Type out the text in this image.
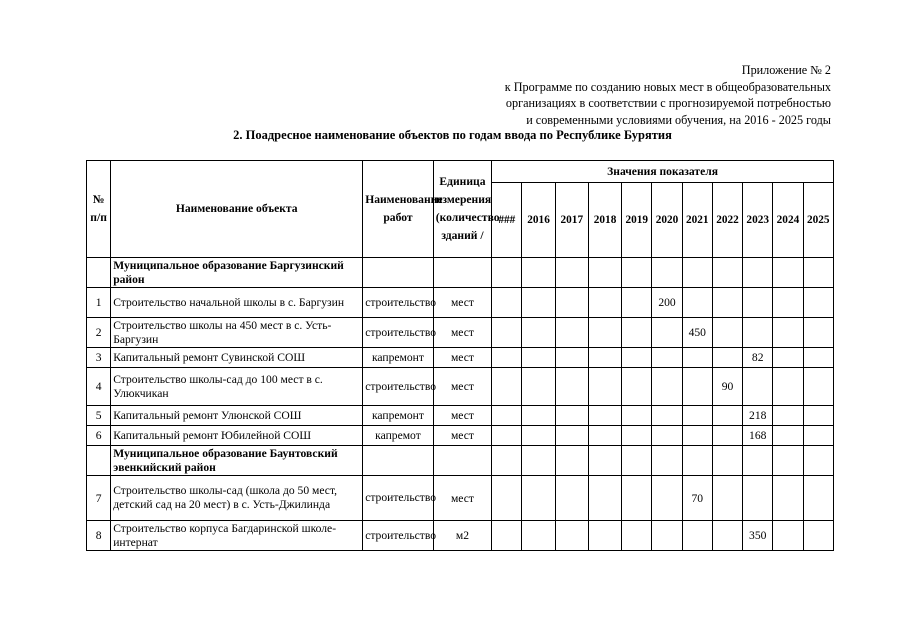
Приложение № 2
к Программе по созданию новых мест в общеобразовательных
организациях в соответствии с прогнозируемой потребностью
и современными условиями обучения, на 2016 - 2025 годы
2. Поадресное наименование объектов по годам ввода по Республике Бурятия
№ п/п	Наименование объекта	Наименование работ	Единица измерения (количество зданий /	Значения показателя										
				###	2016	2017	2018	2019	2020	2021	2022	2023	2024	2025
	Муниципальное образование Баргузинский район													
1	Строительство начальной школы в с. Баргузин	строительство	мест						200					
2	Строительство школы на 450 мест в с. Усть-Баргузин	строительство	мест							450				
3	Капитальный ремонт Сувинской СОШ	капремонт	мест									82		
4	Строительство школы-сад до 100 мест в с. Улюкчикан	строительство	мест								90			
5	Капитальный ремонт Улюнской СОШ	капремонт	мест									218		
6	Капитальный ремонт Юбилейной СОШ	капремот	мест									168		
	Муниципальное образование Баунтовский эвенкийский район													
7	Строительство школы-сад (школа до 50 мест, детский сад на 20 мест) в с. Усть-Джилинда	строительство	мест							70				
8	Строительство корпуса Багдаринской школе-интернат	строительство	м2									350		
